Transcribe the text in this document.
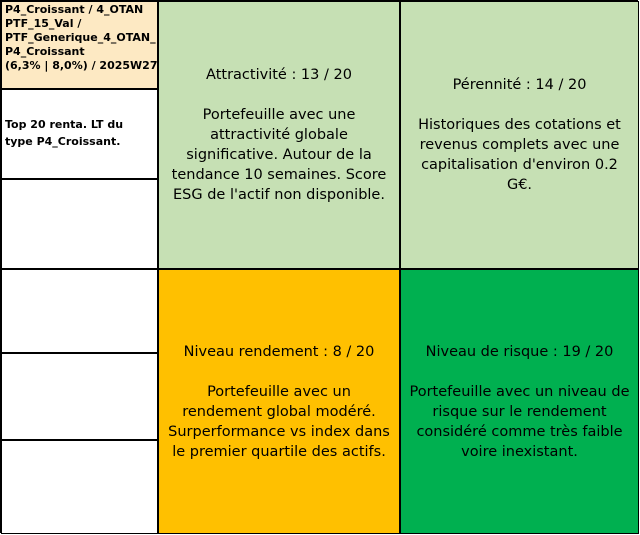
P4_Croissant / 4_OTAN
PTF_15_Val /
PTF_Generique_4_OTAN_
P4_Croissant
(6,3% | 8,0%) / 2025W27
Top 20 renta. LT du type P4_Croissant.
Attractivité : 13 / 20
Portefeuille avec une attractivité globale significative. Autour de la tendance 10 semaines. Score ESG de l'actif non disponible.
Pérennité : 14 / 20
Historiques des cotations et revenus complets avec une capitalisation d'environ 0.2 G€.
Niveau rendement : 8 / 20
Portefeuille avec un rendement global modéré. Surperformance vs index dans le premier quartile des actifs.
Niveau de risque : 19 / 20
Portefeuille avec un niveau de risque sur le rendement considéré comme très faible voire inexistant.
